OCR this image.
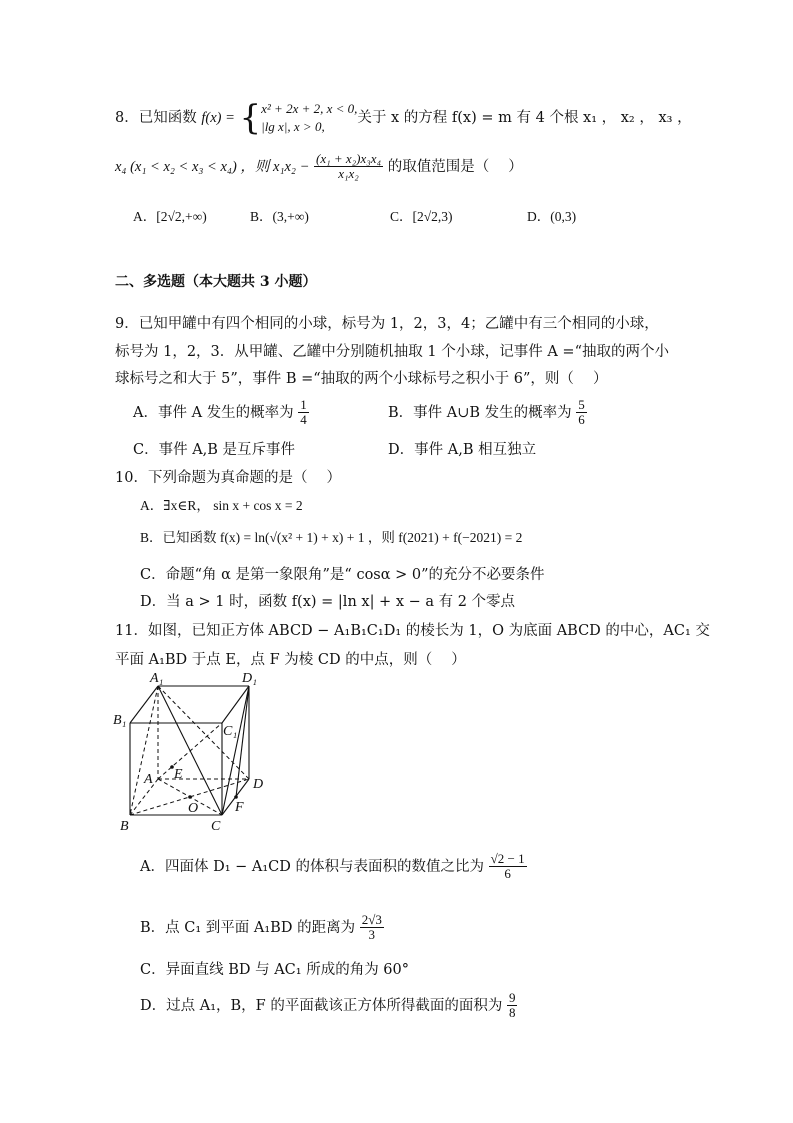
8．已知函数 f(x) = { x² + 2x + 2, x < 0,
|lg x|, x > 0,
关于 x 的方程 f(x) = m 有 4 个根 x₁ ， x₂ ， x₃ ，
x₄ (x₁ < x₂ < x₃ < x₄) ，则 $x_1x_2 - \frac{\text{(x₁ + x₂)x₃x₄}}{\text{x₁x₂}}$ 的取值范围是（　 ）
A．[2√2,+∞)	B．(3,+∞)	C．[2√2,3)	D．(0,3)
二、多选题（本大题共 3 小题）
9．已知甲罐中有四个相同的小球，标号为 1，2，3，4；乙罐中有三个相同的小球，
标号为 1，2，3．从甲罐、乙罐中分别随机抽取 1 个小球，记事件 A =“抽取的两个小
球标号之和大于 5”，事件 B =“抽取的两个小球标号之积小于 6”，则（　 ）
A．事件 A 发生的概率为 $\frac{1}{4}$	B．事件 A∪B 发生的概率为 $\frac{5}{6}$
C．事件 A,B 是互斥事件	D．事件 A,B 相互独立
10．下列命题为真命题的是（　 ）
A．∃x∈R， sin x + cos x = 2
B．已知函数 f(x) = ln(√(x² + 1) + x) + 1 ，则 f(2021) + f(−2021) = 2
C．命题“角 α 是第一象限角”是“ cosα > 0”的充分不必要条件
D．当 a > 1 时，函数 f(x) = |ln x| + x − a 有 2 个零点
11．如图，已知正方体 ABCD − A₁B₁C₁D₁ 的棱长为 1，O 为底面 ABCD 的中心，AC₁ 交
平面 A₁BD 于点 E，点 F 为棱 CD 的中点，则（　 ）
A₁	D₁
B₁
C₁
A E
D
O	F
B	C
A．四面体 D₁ − A₁CD 的体积与表面积的数值之比为 $\frac{√2 - 1}{6}$
B．点 C₁ 到平面 A₁BD 的距离为 $\frac{2√3}{3}$
C．异面直线 BD 与 AC₁ 所成的角为 60°
D．过点 A₁，B，F 的平面截该正方体所得截面的面积为 $\frac{9}{8}$
